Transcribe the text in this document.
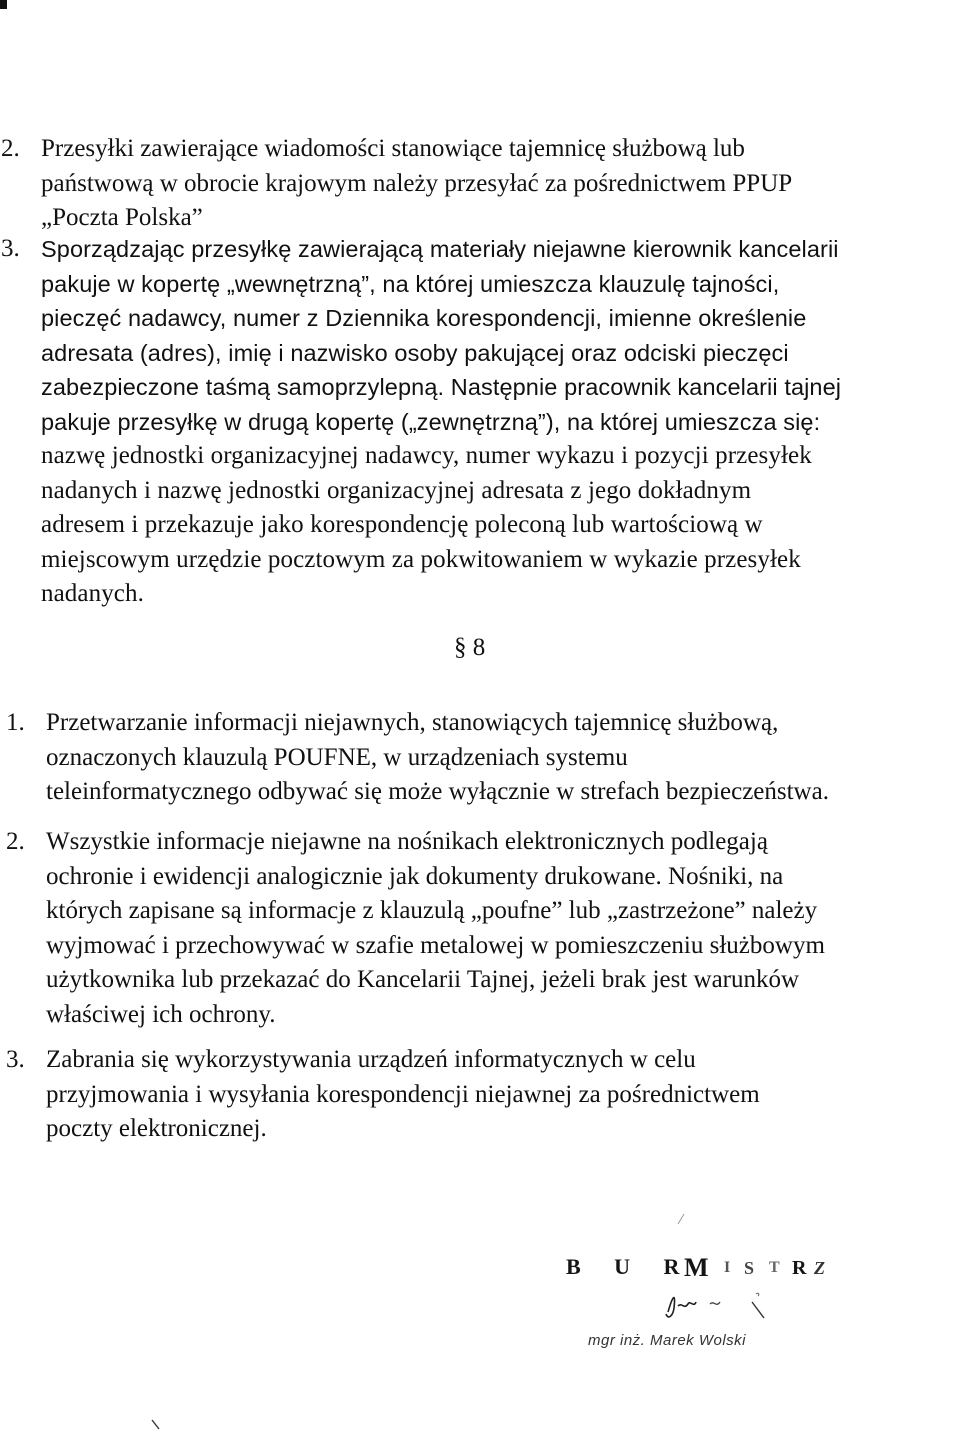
2. Przesyłki zawierające wiadomości stanowiące tajemnicę służbową lub
państwową w obrocie krajowym należy przesyłać za pośrednictwem PPUP
„Poczta Polska”
3. Sporządzając przesyłkę zawierającą materiały niejawne kierownik kancelarii
pakuje w kopertę „wewnętrzną”, na której umieszcza klauzulę tajności,
pieczęć nadawcy, numer z Dziennika korespondencji, imienne określenie
adresata (adres), imię i nazwisko osoby pakującej oraz odciski pieczęci
zabezpieczone taśmą samoprzylepną. Następnie pracownik kancelarii tajnej
pakuje przesyłkę w drugą kopertę („zewnętrzną”), na której umieszcza się:
nazwę jednostki organizacyjnej nadawcy, numer wykazu i pozycji przesyłek
nadanych i nazwę jednostki organizacyjnej adresata z jego dokładnym
adresem i przekazuje jako korespondencję poleconą lub wartościową w
miejscowym urzędzie pocztowym za pokwitowaniem w wykazie przesyłek
nadanych.
§ 8
1. Przetwarzanie informacji niejawnych, stanowiących tajemnicę służbową,
oznaczonych klauzulą POUFNE, w urządzeniach systemu
teleinformatycznego odbywać się może wyłącznie w strefach bezpieczeństwa.
2. Wszystkie informacje niejawne na nośnikach elektronicznych podlegają
ochronie i ewidencji analogicznie jak dokumenty drukowane. Nośniki, na
których zapisane są informacje z klauzulą „poufne” lub „zastrzeżone” należy
wyjmować i przechowywać w szafie metalowej w pomieszczeniu służbowym
użytkownika lub przekazać do Kancelarii Tajnej, jeżeli brak jest warunków
właściwej ich ochrony.
3. Zabrania się wykorzystywania urządzeń informatycznych w celu
przyjmowania i wysyłania korespondencji niejawnej za pośrednictwem
poczty elektronicznej.
B U R
M I S T R
Z
mgr inż. Marek Wolski
